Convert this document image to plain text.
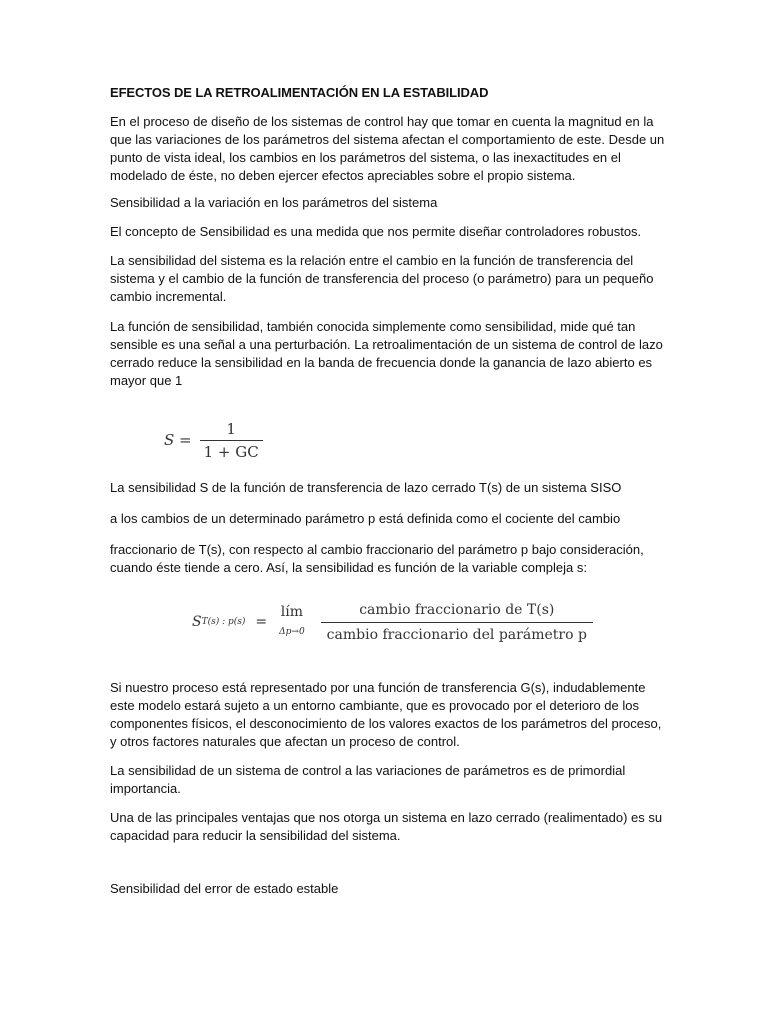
EFECTOS DE LA RETROALIMENTACIÓN EN LA ESTABILIDAD

En el proceso de diseño de los sistemas de control hay que tomar en cuenta la magnitud en la que las variaciones de los parámetros del sistema afectan el comportamiento de este. Desde un punto de vista ideal, los cambios en los parámetros del sistema, o las inexactitudes en el modelado de éste, no deben ejercer efectos apreciables sobre el propio sistema.

Sensibilidad a la variación en los parámetros del sistema

El concepto de Sensibilidad es una medida que nos permite diseñar controladores robustos.

La sensibilidad del sistema es la relación entre el cambio en la función de transferencia del sistema y el cambio de la función de transferencia del proceso (o parámetro) para un pequeño cambio incremental.

La función de sensibilidad, también conocida simplemente como sensibilidad, mide qué tan sensible es una señal a una perturbación. La retroalimentación de un sistema de control de lazo cerrado reduce la sensibilidad en la banda de frecuencia donde la ganancia de lazo abierto es mayor que 1

$S = \frac{1}{1 + GC}$

La sensibilidad S de la función de transferencia de lazo cerrado T(s) de un sistema SISO

a los cambios de un determinado parámetro p está definida como el cociente del cambio

fraccionario de T(s), con respecto al cambio fraccionario del parámetro p bajo consideración, cuando éste tiende a cero. Así, la sensibilidad es función de la variable compleja s:

S T(s) : p(s) =
lím
$\Delta p\to 0 \frac{\text{cambio fraccionario de T(s)}}{\text{cambio fraccionario del parámetro p}}$

Si nuestro proceso está representado por una función de transferencia G(s), indudablemente este modelo estará sujeto a un entorno cambiante, que es provocado por el deterioro de los componentes físicos, el desconocimiento de los valores exactos de los parámetros del proceso, y otros factores naturales que afectan un proceso de control.

La sensibilidad de un sistema de control a las variaciones de parámetros es de primordial importancia.

Una de las principales ventajas que nos otorga un sistema en lazo cerrado (realimentado) es su capacidad para reducir la sensibilidad del sistema.

Sensibilidad del error de estado estable
